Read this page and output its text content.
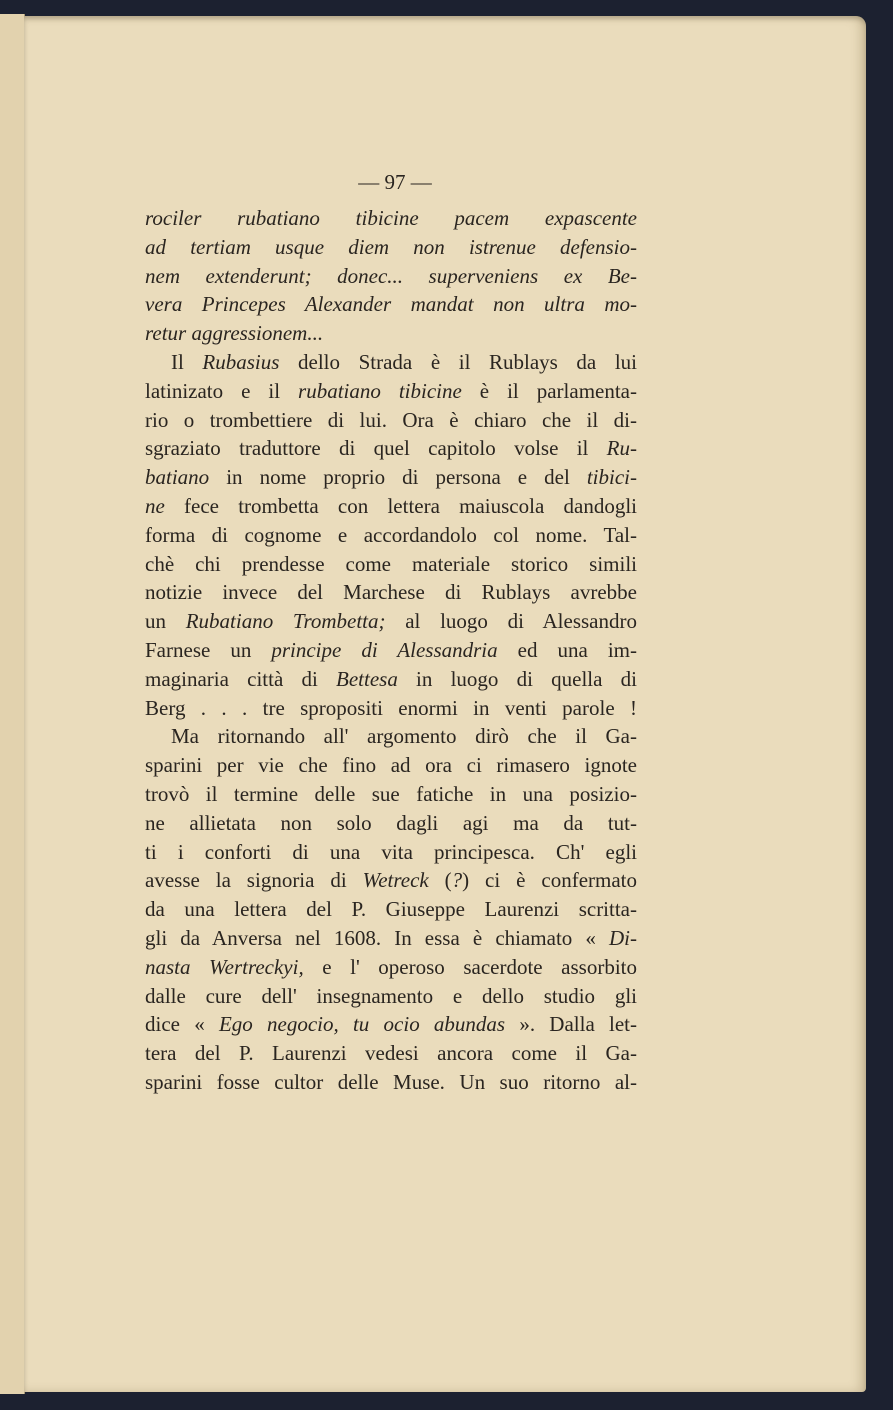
— 97 —
rociler rubatiano tibicine pacem expascente
ad tertiam usque diem non istrenue defensio-
nem extenderunt; donec... superveniens ex Be-
vera Princepes Alexander mandat non ultra mo-
retur aggressionem...
Il Rubasius dello Strada è il Rublays da lui
latinizato e il rubatiano tibicine è il parlamenta-
rio o trombettiere di lui. Ora è chiaro che il di-
sgraziato traduttore di quel capitolo volse il Ru-
batiano in nome proprio di persona e del tibici-
ne fece trombetta con lettera maiuscola dandogli
forma di cognome e accordandolo col nome. Tal-
chè chi prendesse come materiale storico simili
notizie invece del Marchese di Rublays avrebbe
un Rubatiano Trombetta; al luogo di Alessandro
Farnese un principe di Alessandria ed una im-
maginaria città di Bettesa in luogo di quella di
Berg . . . tre spropositi enormi in venti parole !
Ma ritornando all' argomento dirò che il Ga-
sparini per vie che fino ad ora ci rimasero ignote
trovò il termine delle sue fatiche in una posizio-
ne allietata non solo dagli agi ma da tut-
ti i conforti di una vita principesca. Ch' egli
avesse la signoria di Wetreck (?) ci è confermato
da una lettera del P. Giuseppe Laurenzi scritta-
gli da Anversa nel 1608. In essa è chiamato « Di-
nasta Wertreckyi, e l' operoso sacerdote assorbito
dalle cure dell' insegnamento e dello studio gli
dice « Ego negocio, tu ocio abundas ». Dalla let-
tera del P. Laurenzi vedesi ancora come il Ga-
sparini fosse cultor delle Muse. Un suo ritorno al-
